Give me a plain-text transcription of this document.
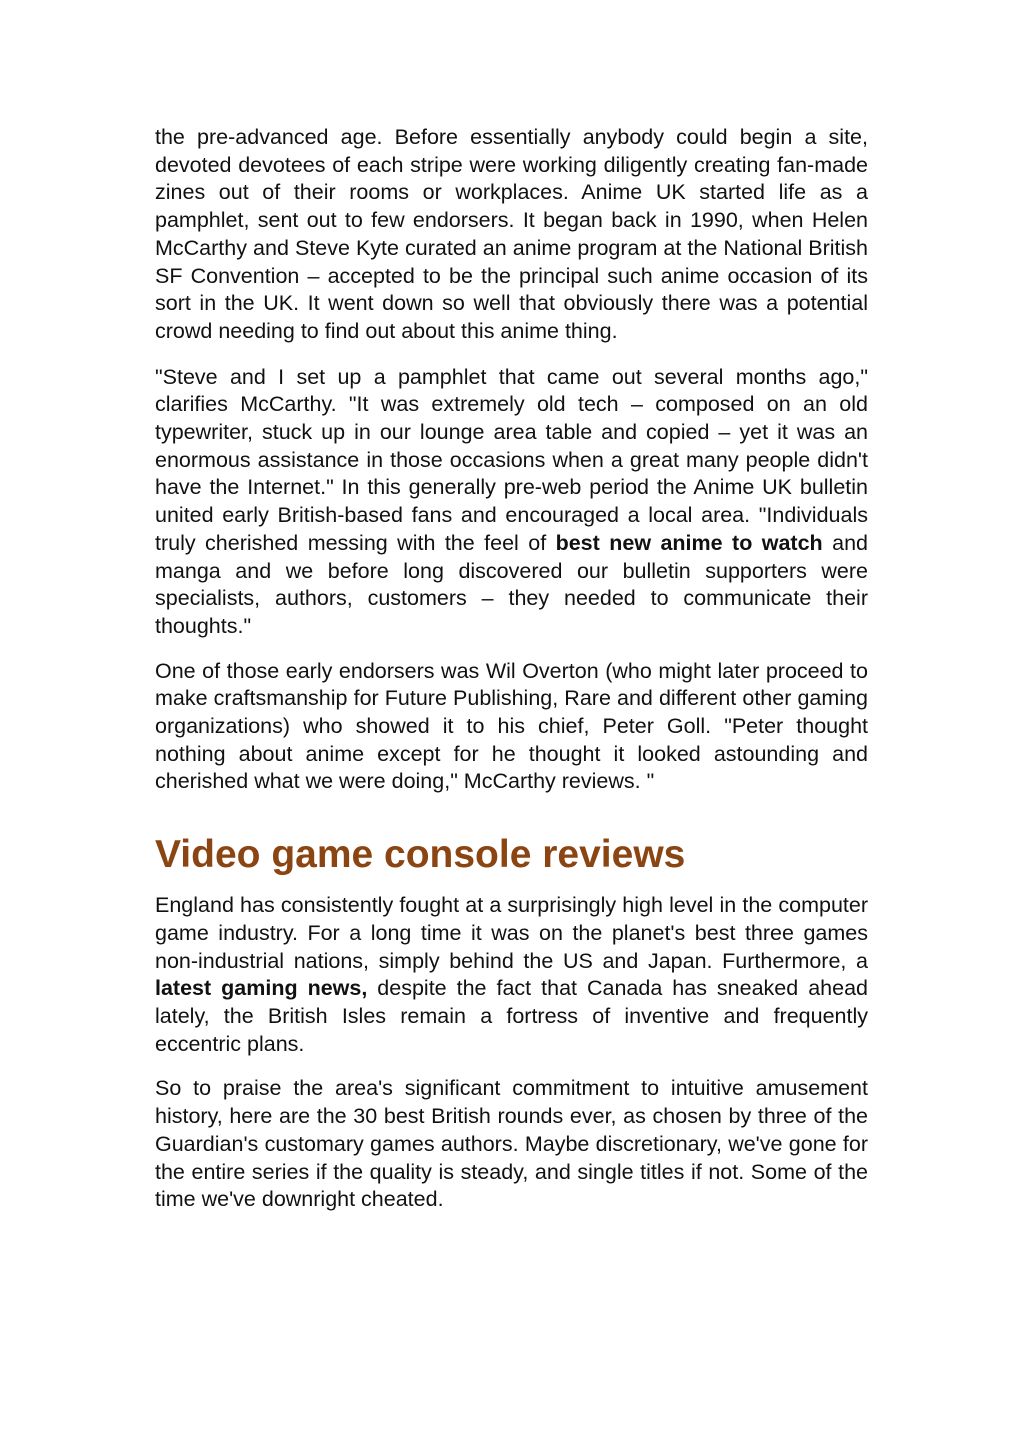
the pre-advanced age. Before essentially anybody could begin a site, devoted devotees of each stripe were working diligently creating fan-made zines out of their rooms or workplaces. Anime UK started life as a pamphlet, sent out to few endorsers. It began back in 1990, when Helen McCarthy and Steve Kyte curated an anime program at the National British SF Convention – accepted to be the principal such anime occasion of its sort in the UK. It went down so well that obviously there was a potential crowd needing to find out about this anime thing.

"Steve and I set up a pamphlet that came out several months ago," clarifies McCarthy. "It was extremely old tech – composed on an old typewriter, stuck up in our lounge area table and copied – yet it was an enormous assistance in those occasions when a great many people didn't have the Internet." In this generally pre-web period the Anime UK bulletin united early British-based fans and encouraged a local area. "Individuals truly cherished messing with the feel of best new anime to watch and manga and we before long discovered our bulletin supporters were specialists, authors, customers – they needed to communicate their thoughts."

One of those early endorsers was Wil Overton (who might later proceed to make craftsmanship for Future Publishing, Rare and different other gaming organizations) who showed it to his chief, Peter Goll. "Peter thought nothing about anime except for he thought it looked astounding and cherished what we were doing," McCarthy reviews. "

Video game console reviews

England has consistently fought at a surprisingly high level in the computer game industry. For a long time it was on the planet's best three games non-industrial nations, simply behind the US and Japan. Furthermore, a latest gaming news, despite the fact that Canada has sneaked ahead lately, the British Isles remain a fortress of inventive and frequently eccentric plans.

So to praise the area's significant commitment to intuitive amusement history, here are the 30 best British rounds ever, as chosen by three of the Guardian's customary games authors. Maybe discretionary, we've gone for the entire series if the quality is steady, and single titles if not. Some of the time we've downright cheated.
